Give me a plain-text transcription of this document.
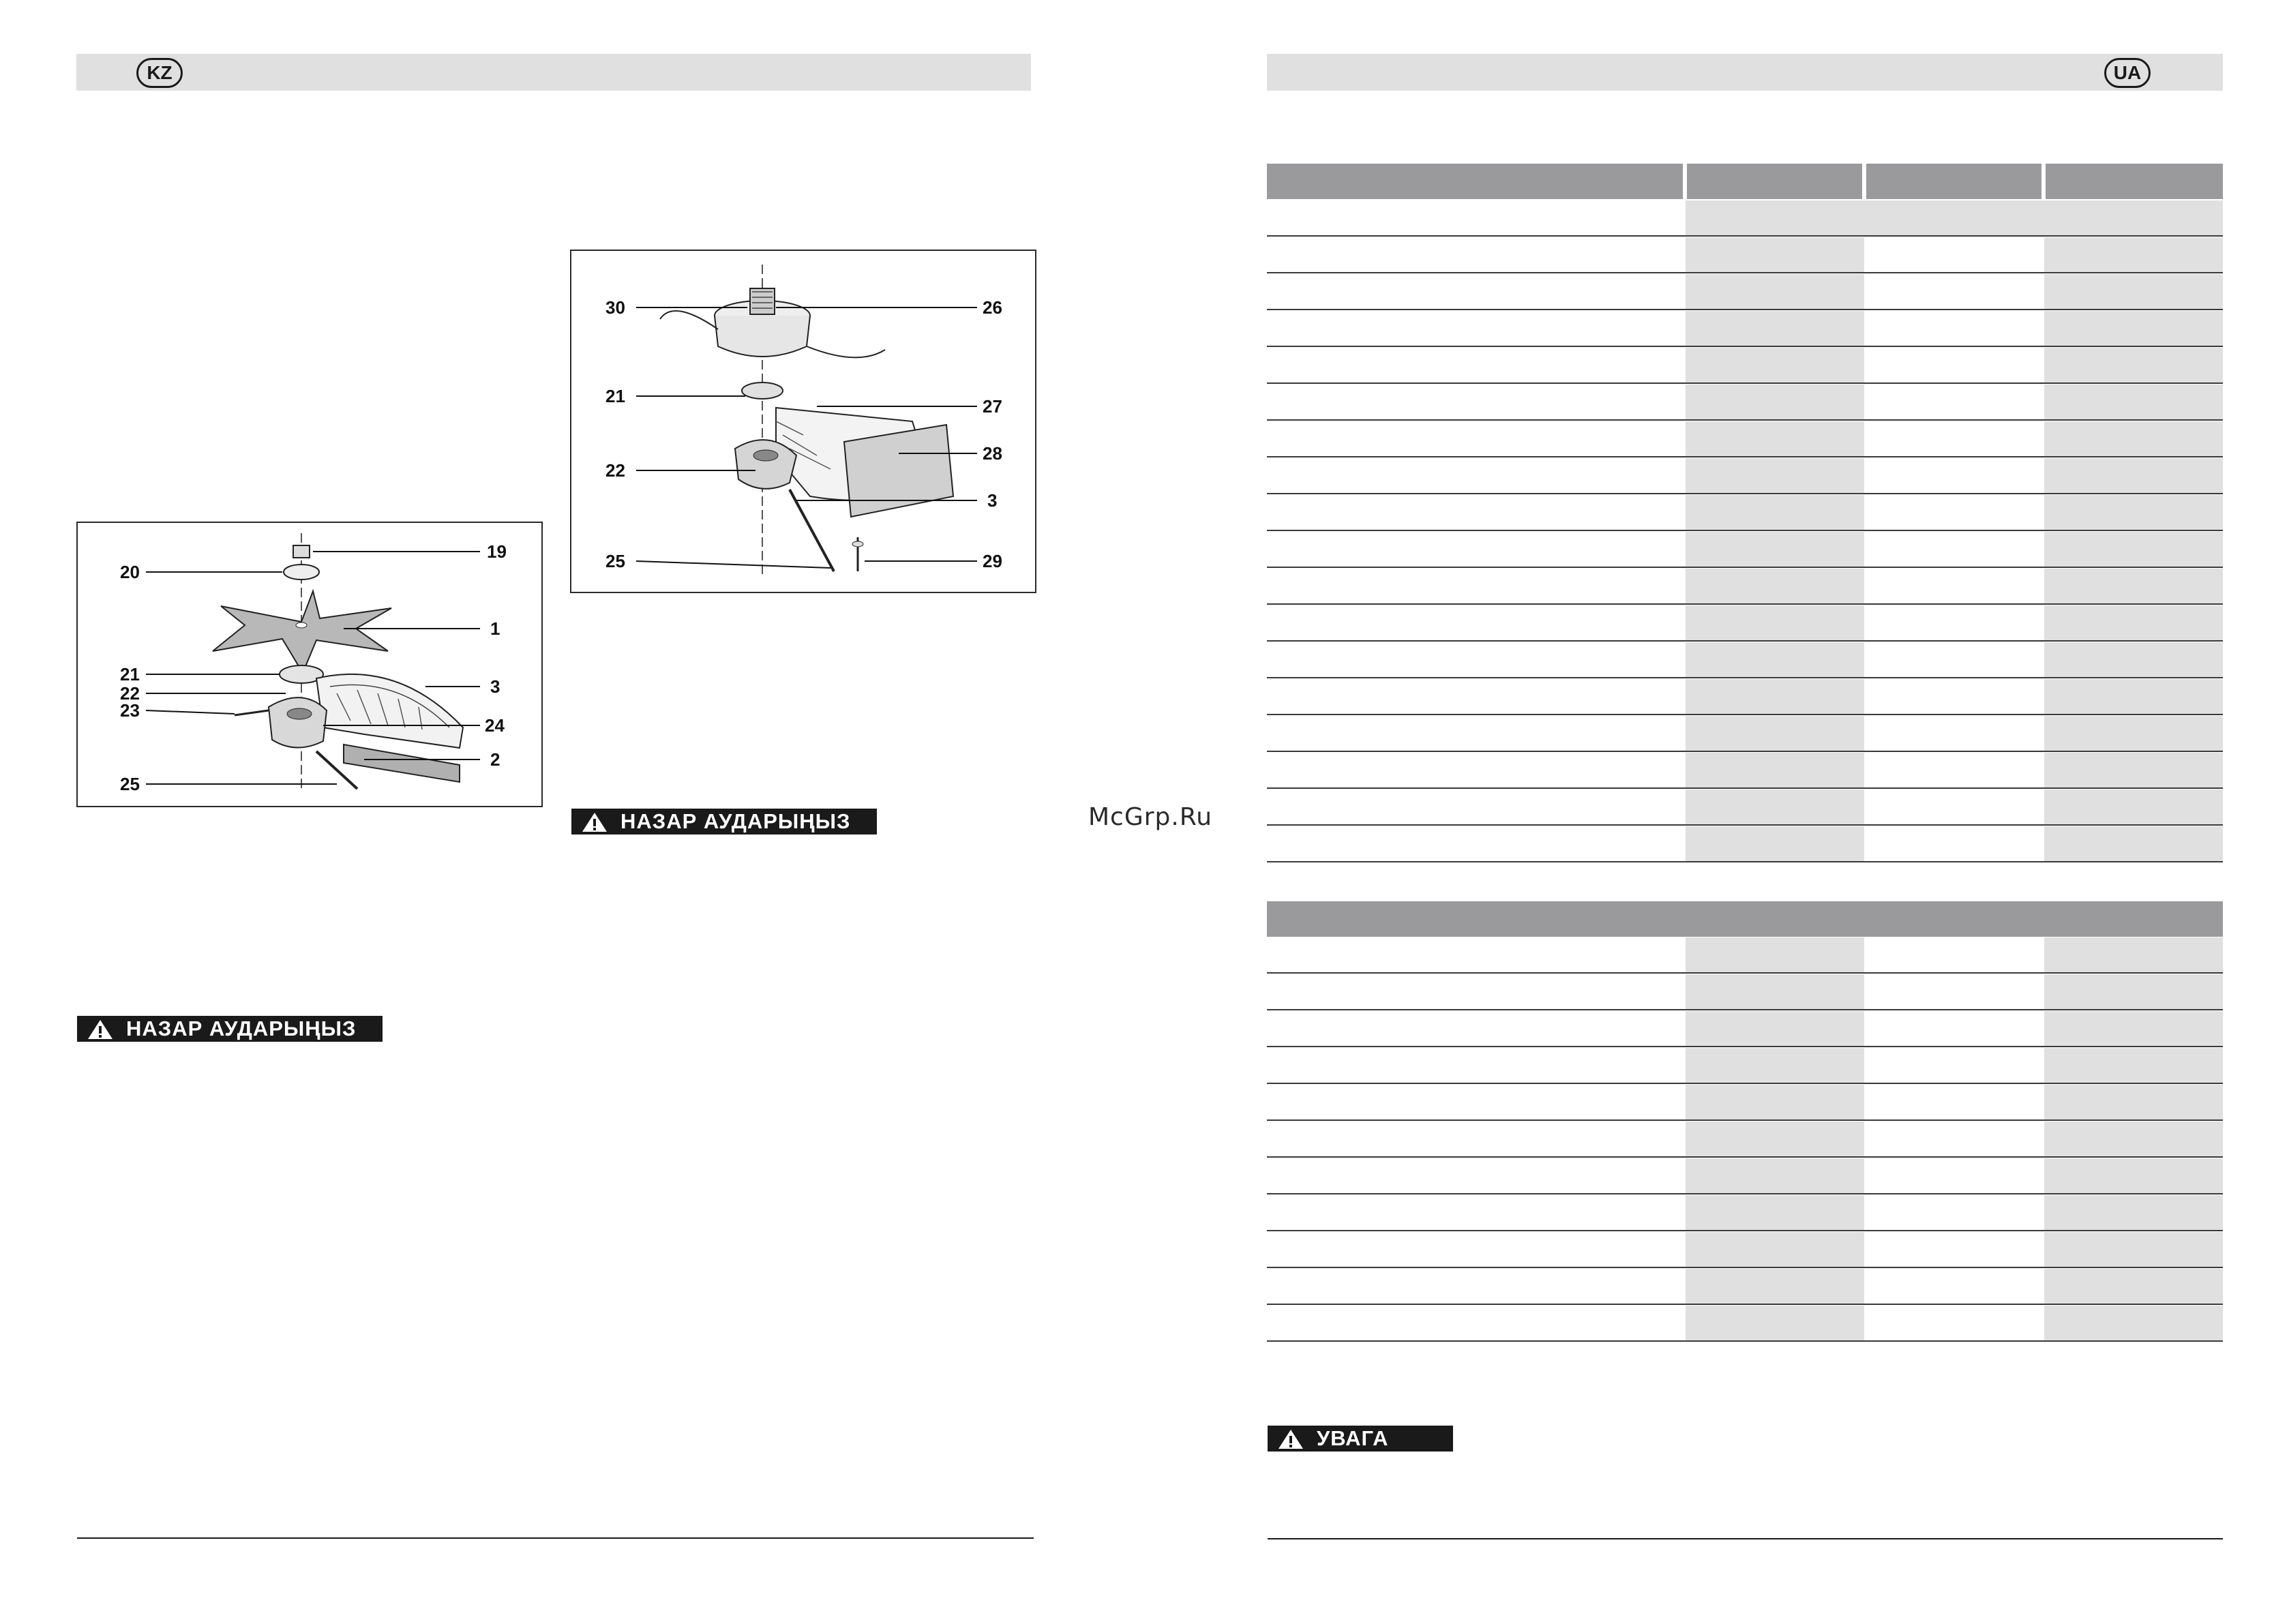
KZ	UA
19
20
1
21
22
23
3
24
2
25
30	26
21	27
22
28
3
25	29
НАЗАР АУДАРЫҢЫЗ
НАЗАР АУДАРЫҢЫЗ
УВАГА
McGrp.Ru
